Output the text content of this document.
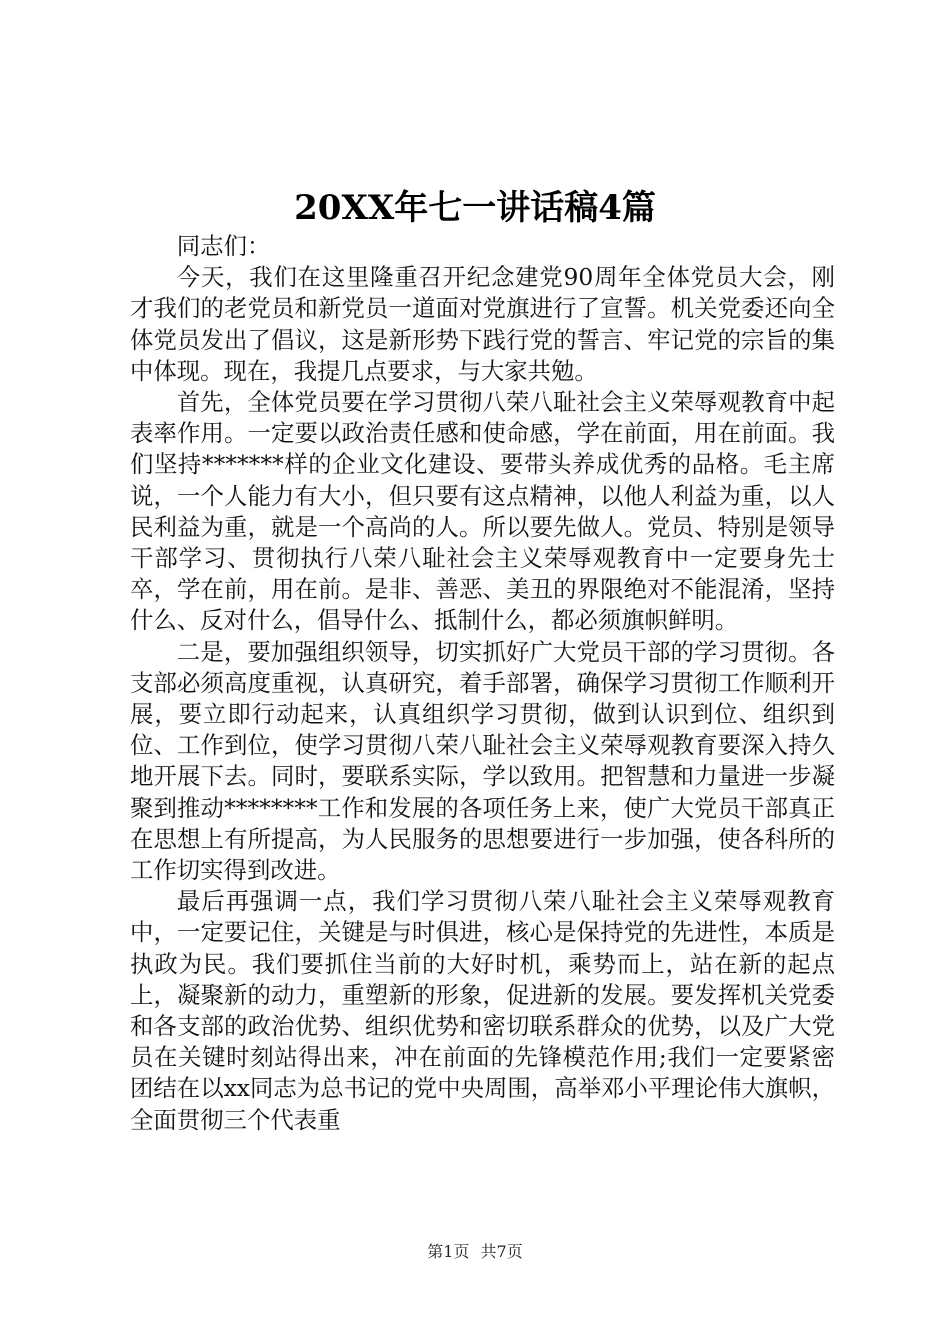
20XX年七一讲话稿4篇

同志们：

今天，我们在这里隆重召开纪念建党90周年全体党员大会，刚才我们的老党员和新党员一道面对党旗进行了宣誓。机关党委还向全体党员发出了倡议，这是新形势下践行党的誓言、牢记党的宗旨的集中体现。现在，我提几点要求，与大家共勉。

首先，全体党员要在学习贯彻八荣八耻社会主义荣辱观教育中起表率作用。一定要以政治责任感和使命感，学在前面，用在前面。我们坚持*******样的企业文化建设、要带头养成优秀的品格。毛主席说，一个人能力有大小，但只要有这点精神，以他人利益为重，以人民利益为重，就是一个高尚的人。所以要先做人。党员、特别是领导干部学习、贯彻执行八荣八耻社会主义荣辱观教育中一定要身先士卒，学在前，用在前。是非、善恶、美丑的界限绝对不能混淆，坚持什么、反对什么，倡导什么、抵制什么，都必须旗帜鲜明。

二是，要加强组织领导，切实抓好广大党员干部的学习贯彻。各支部必须高度重视，认真研究，着手部署，确保学习贯彻工作顺利开展，要立即行动起来，认真组织学习贯彻，做到认识到位、组织到位、工作到位，使学习贯彻八荣八耻社会主义荣辱观教育要深入持久地开展下去。同时，要联系实际，学以致用。把智慧和力量进一步凝聚到推动********工作和发展的各项任务上来，使广大党员干部真正在思想上有所提高，为人民服务的思想要进行一步加强，使各科所的工作切实得到改进。

最后再强调一点，我们学习贯彻八荣八耻社会主义荣辱观教育中，一定要记住，关键是与时俱进，核心是保持党的先进性，本质是执政为民。我们要抓住当前的大好时机，乘势而上，站在新的起点上，凝聚新的动力，重塑新的形象，促进新的发展。要发挥机关党委和各支部的政治优势、组织优势和密切联系群众的优势，以及广大党员在关键时刻站得出来，冲在前面的先锋模范作用;我们一定要紧密团结在以xx同志为总书记的党中央周围，高举邓小平理论伟大旗帜，全面贯彻三个代表重

第1页 共7页
